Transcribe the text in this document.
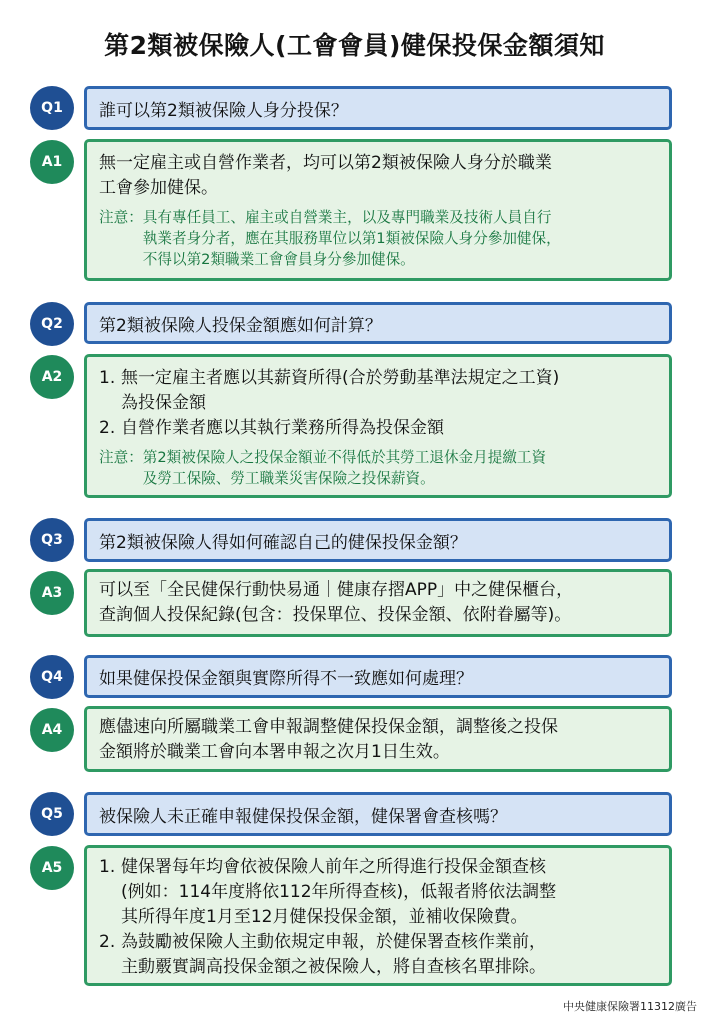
第2類被保險人(工會會員)健保投保金額須知
Q1	誰可以第2類被保險人身分投保？
A1	無一定雇主或自營作業者，均可以第2類被保險人身分於職業
工會參加健保。
注意： 具有專任員工、雇主或自營業主，以及專門職業及技術人員自行
執業者身分者，應在其服務單位以第1類被保險人身分參加健保，
不得以第2類職業工會會員身分參加健保。
Q2	第2類被保險人投保金額應如何計算？
A2	1. 無一定雇主者應以其薪資所得(合於勞動基準法規定之工資)
為投保金額
2. 自營作業者應以其執行業務所得為投保金額
注意： 第2類被保險人之投保金額並不得低於其勞工退休金月提繳工資
及勞工保險、勞工職業災害保險之投保薪資。
Q3	第2類被保險人得如何確認自己的健保投保金額？
A3	可以至「全民健保行動快易通｜健康存摺APP」中之健保櫃台，
查詢個人投保紀錄(包含：投保單位、投保金額、依附眷屬等)。
Q4	如果健保投保金額與實際所得不一致應如何處理？
A4	應儘速向所屬職業工會申報調整健保投保金額，調整後之投保
金額將於職業工會向本署申報之次月1日生效。
Q5	被保險人未正確申報健保投保金額，健保署會查核嗎？
A5	1. 健保署每年均會依被保險人前年之所得進行投保金額查核
(例如：114年度將依112年所得查核)，低報者將依法調整
其所得年度1月至12月健保投保金額，並補收保險費。
2. 為鼓勵被保險人主動依規定申報，於健保署查核作業前，
主動覈實調高投保金額之被保險人，將自查核名單排除。
中央健康保險署11312廣告
